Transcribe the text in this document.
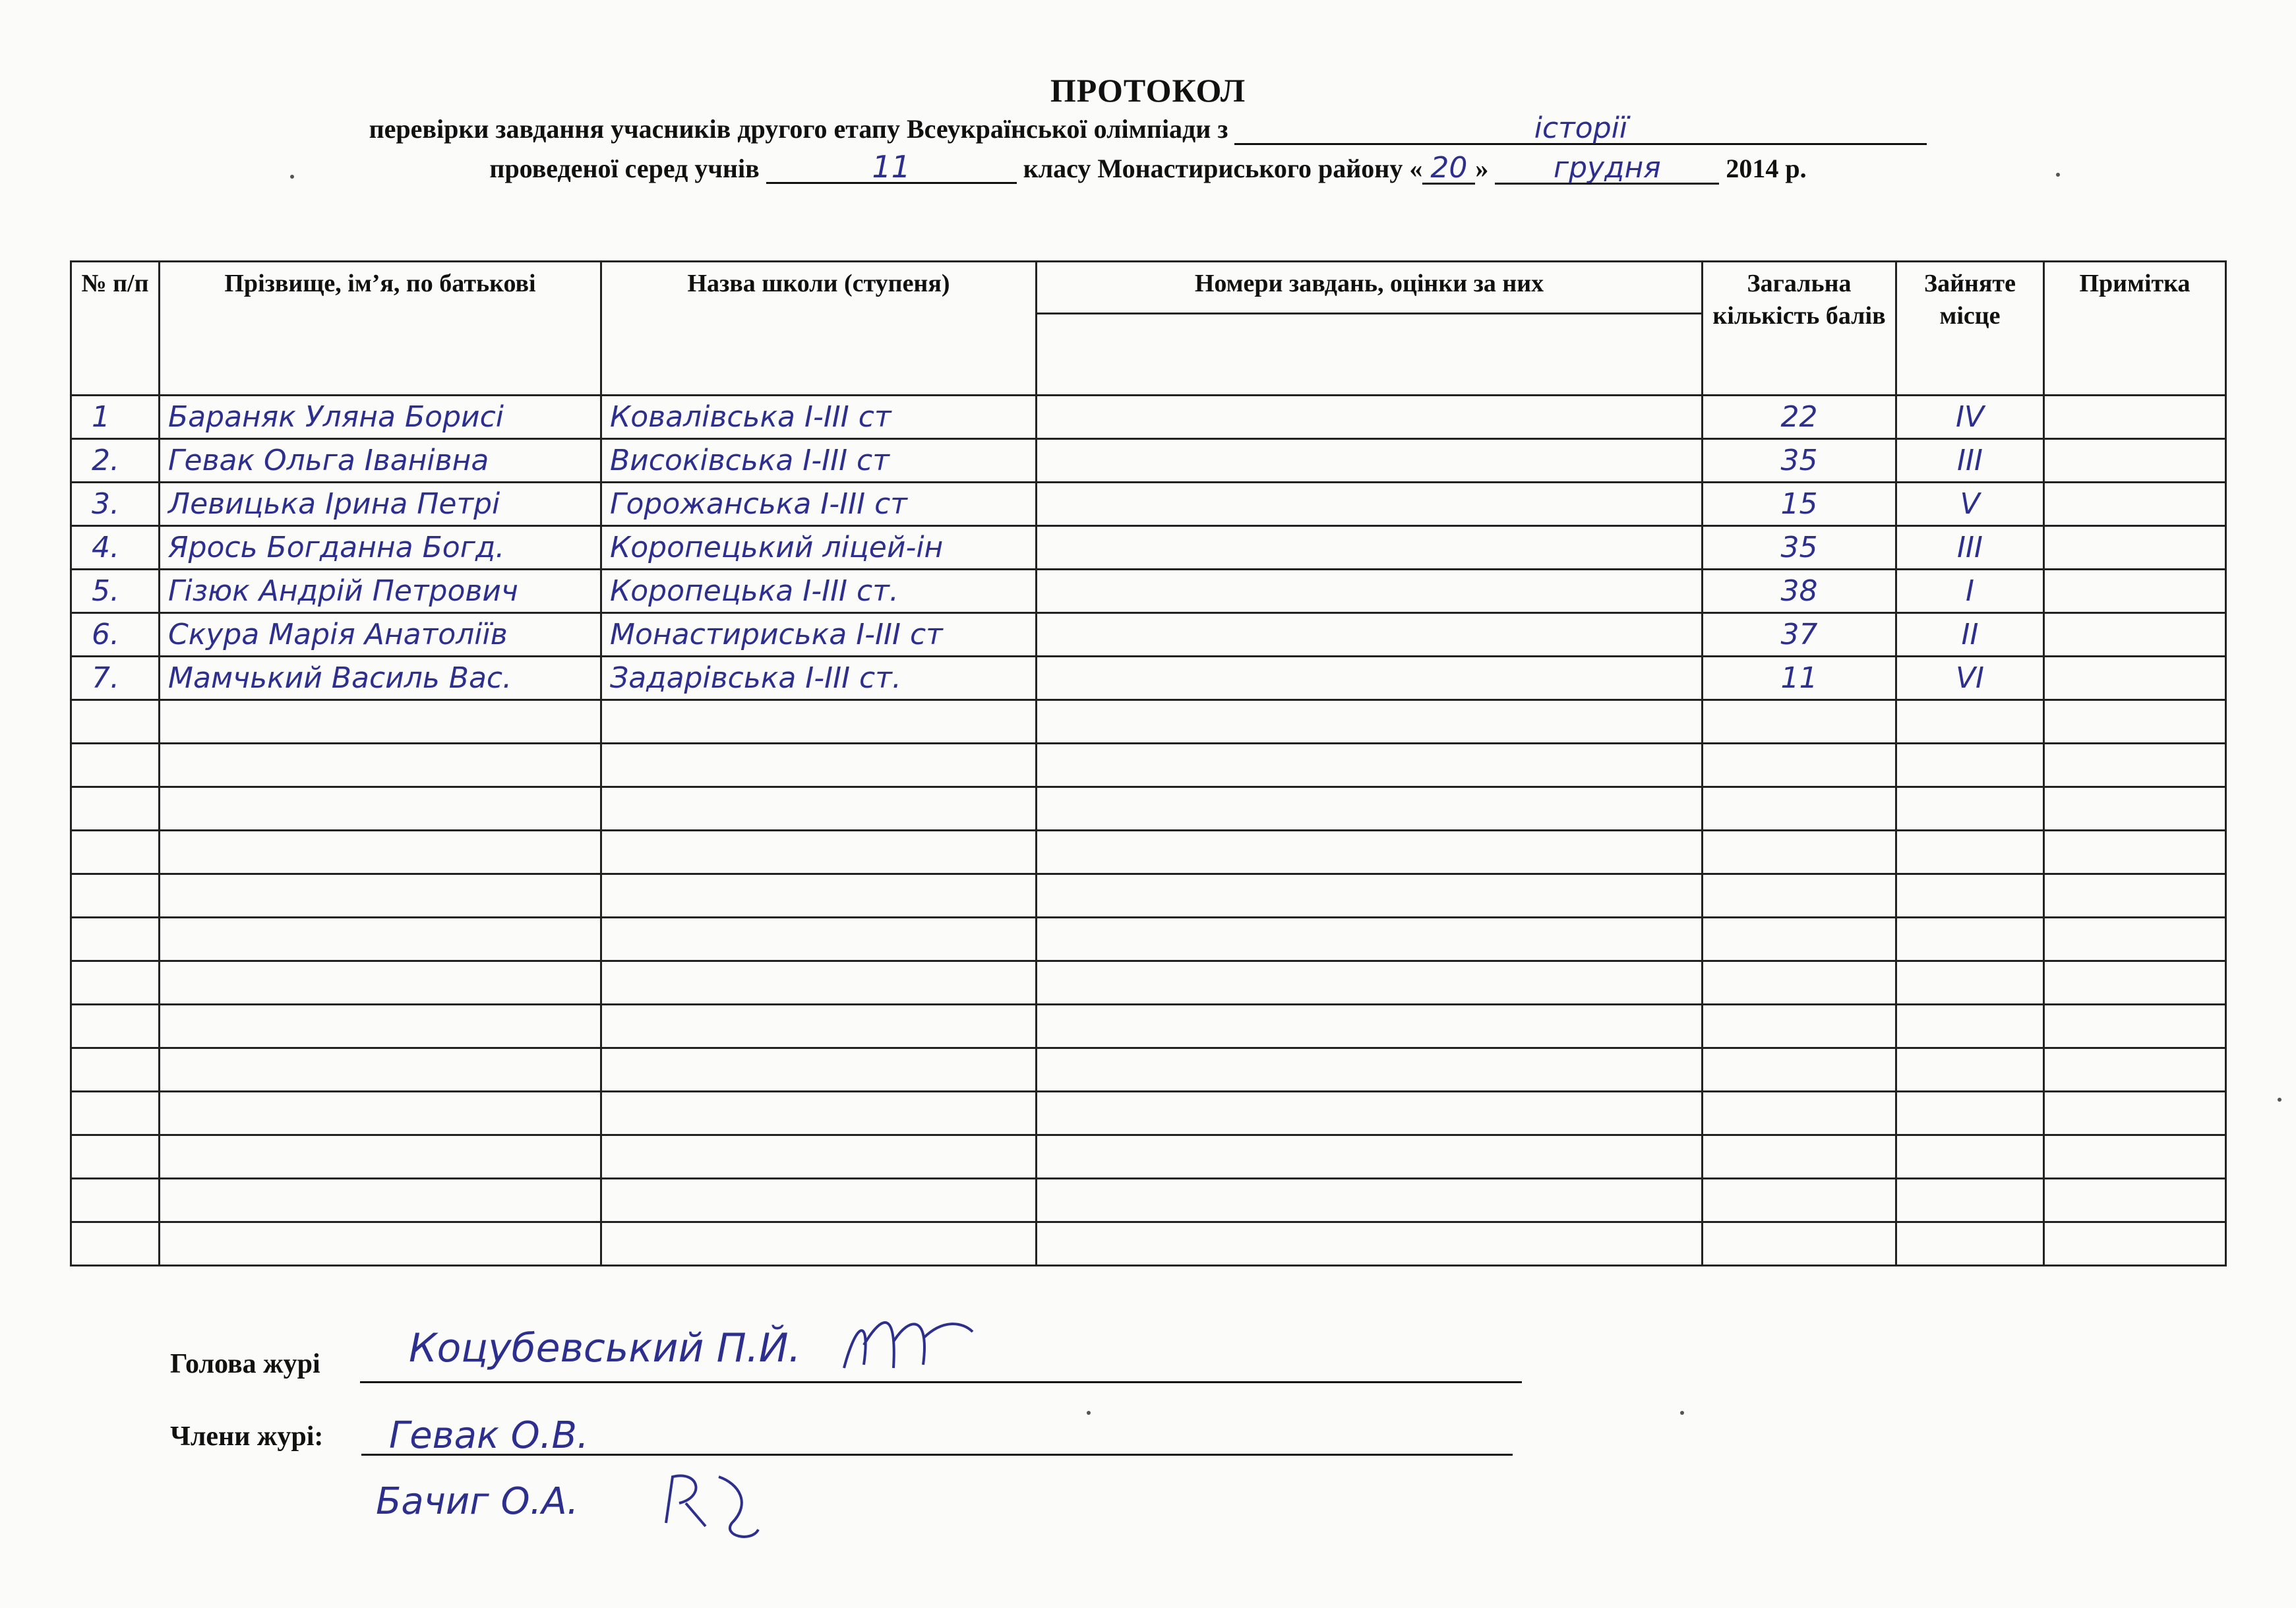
ПРОТОКОЛ
перевірки завдання учасників другого етапу Всеукраїнської олімпіади з	історії
проведеної серед учнів	11	класу Монастириського району « 20 » грудня 2014 р.
№ п/п	Прізвище, ім’я, по батькові	Назва школи (ступеня)	Номери завдань, оцінки за них	Загальна кількість балів	Зайняте місце	Примітка

1	Бараняк Уляна Борисі	Ковалівська І-ІІІ ст		22	IV	
2.	Гевак Ольга Іванівна	Високівська І-ІІІ ст		35	III	
3.	Левицька Ірина Петрі	Горожанська І-ІІІ ст		15	V	
4.	Ярось Богданна Богд.	Коропецький ліцей-ін		35	III	
5.	Гізюк Андрій Петрович	Коропецька І-ІІІ ст.		38	I	
6.	Скура Марія Анатоліїв	Монастириська І-ІІІ ст		37	II	
7.	Мамчький Василь Вас.	Задарівська І-ІІІ ст.		11	VI	

Голова журі Коцубевський П.Й.
Члени журі: Гевак О.В.
Бачиг О.А.
